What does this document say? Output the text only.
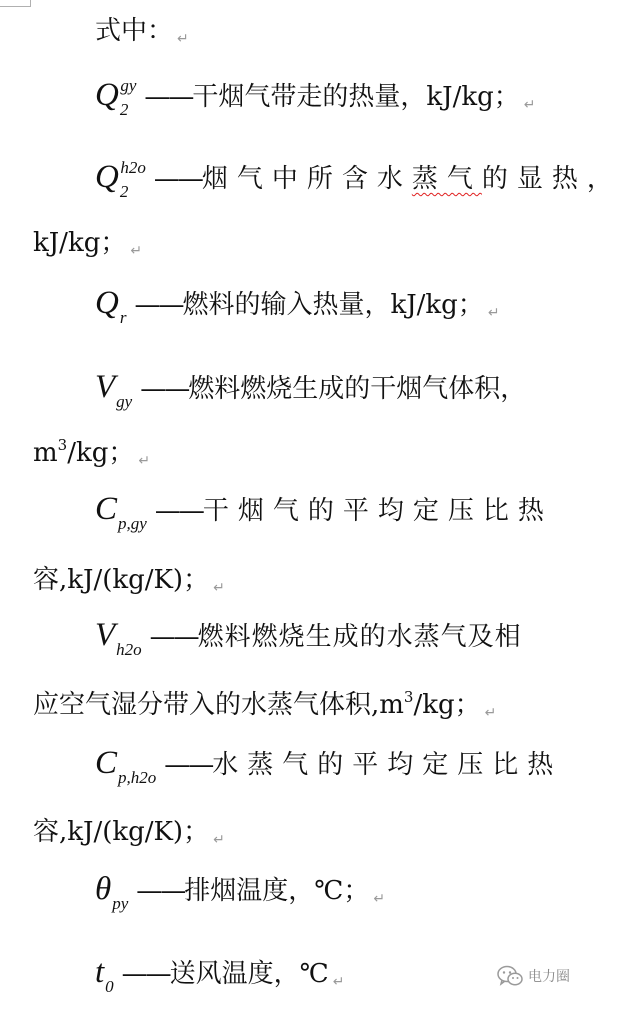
式中： ↵
$Q_2^{gy}$ ——干烟气带走的热量，kJ/kg； ↵
$Q_2^{h2o}$ ——烟气中所含水蒸气的显热，
kJ/kg； ↵
$Q_r$ ——燃料的输入热量，kJ/kg； ↵
$V_{gy}$ ——燃料燃烧生成的干烟气体积，
$m^3/kg$； ↵
$C_{p,gy}$ ——干烟气的平均定压比热
容,kJ/(kg/K)； ↵
$V_{h2o}$ ——燃料燃烧生成的水蒸气及相
应空气湿分带入的水蒸气体积$,m^3/kg$； ↵
$C_{p,h2o}$ ——水蒸气的平均定压比热
容,kJ/(kg/K)； ↵
$\theta_{py}$ ——排烟温度，℃； ↵
$t_0$ ——送风温度，℃ ↵	电力圈
